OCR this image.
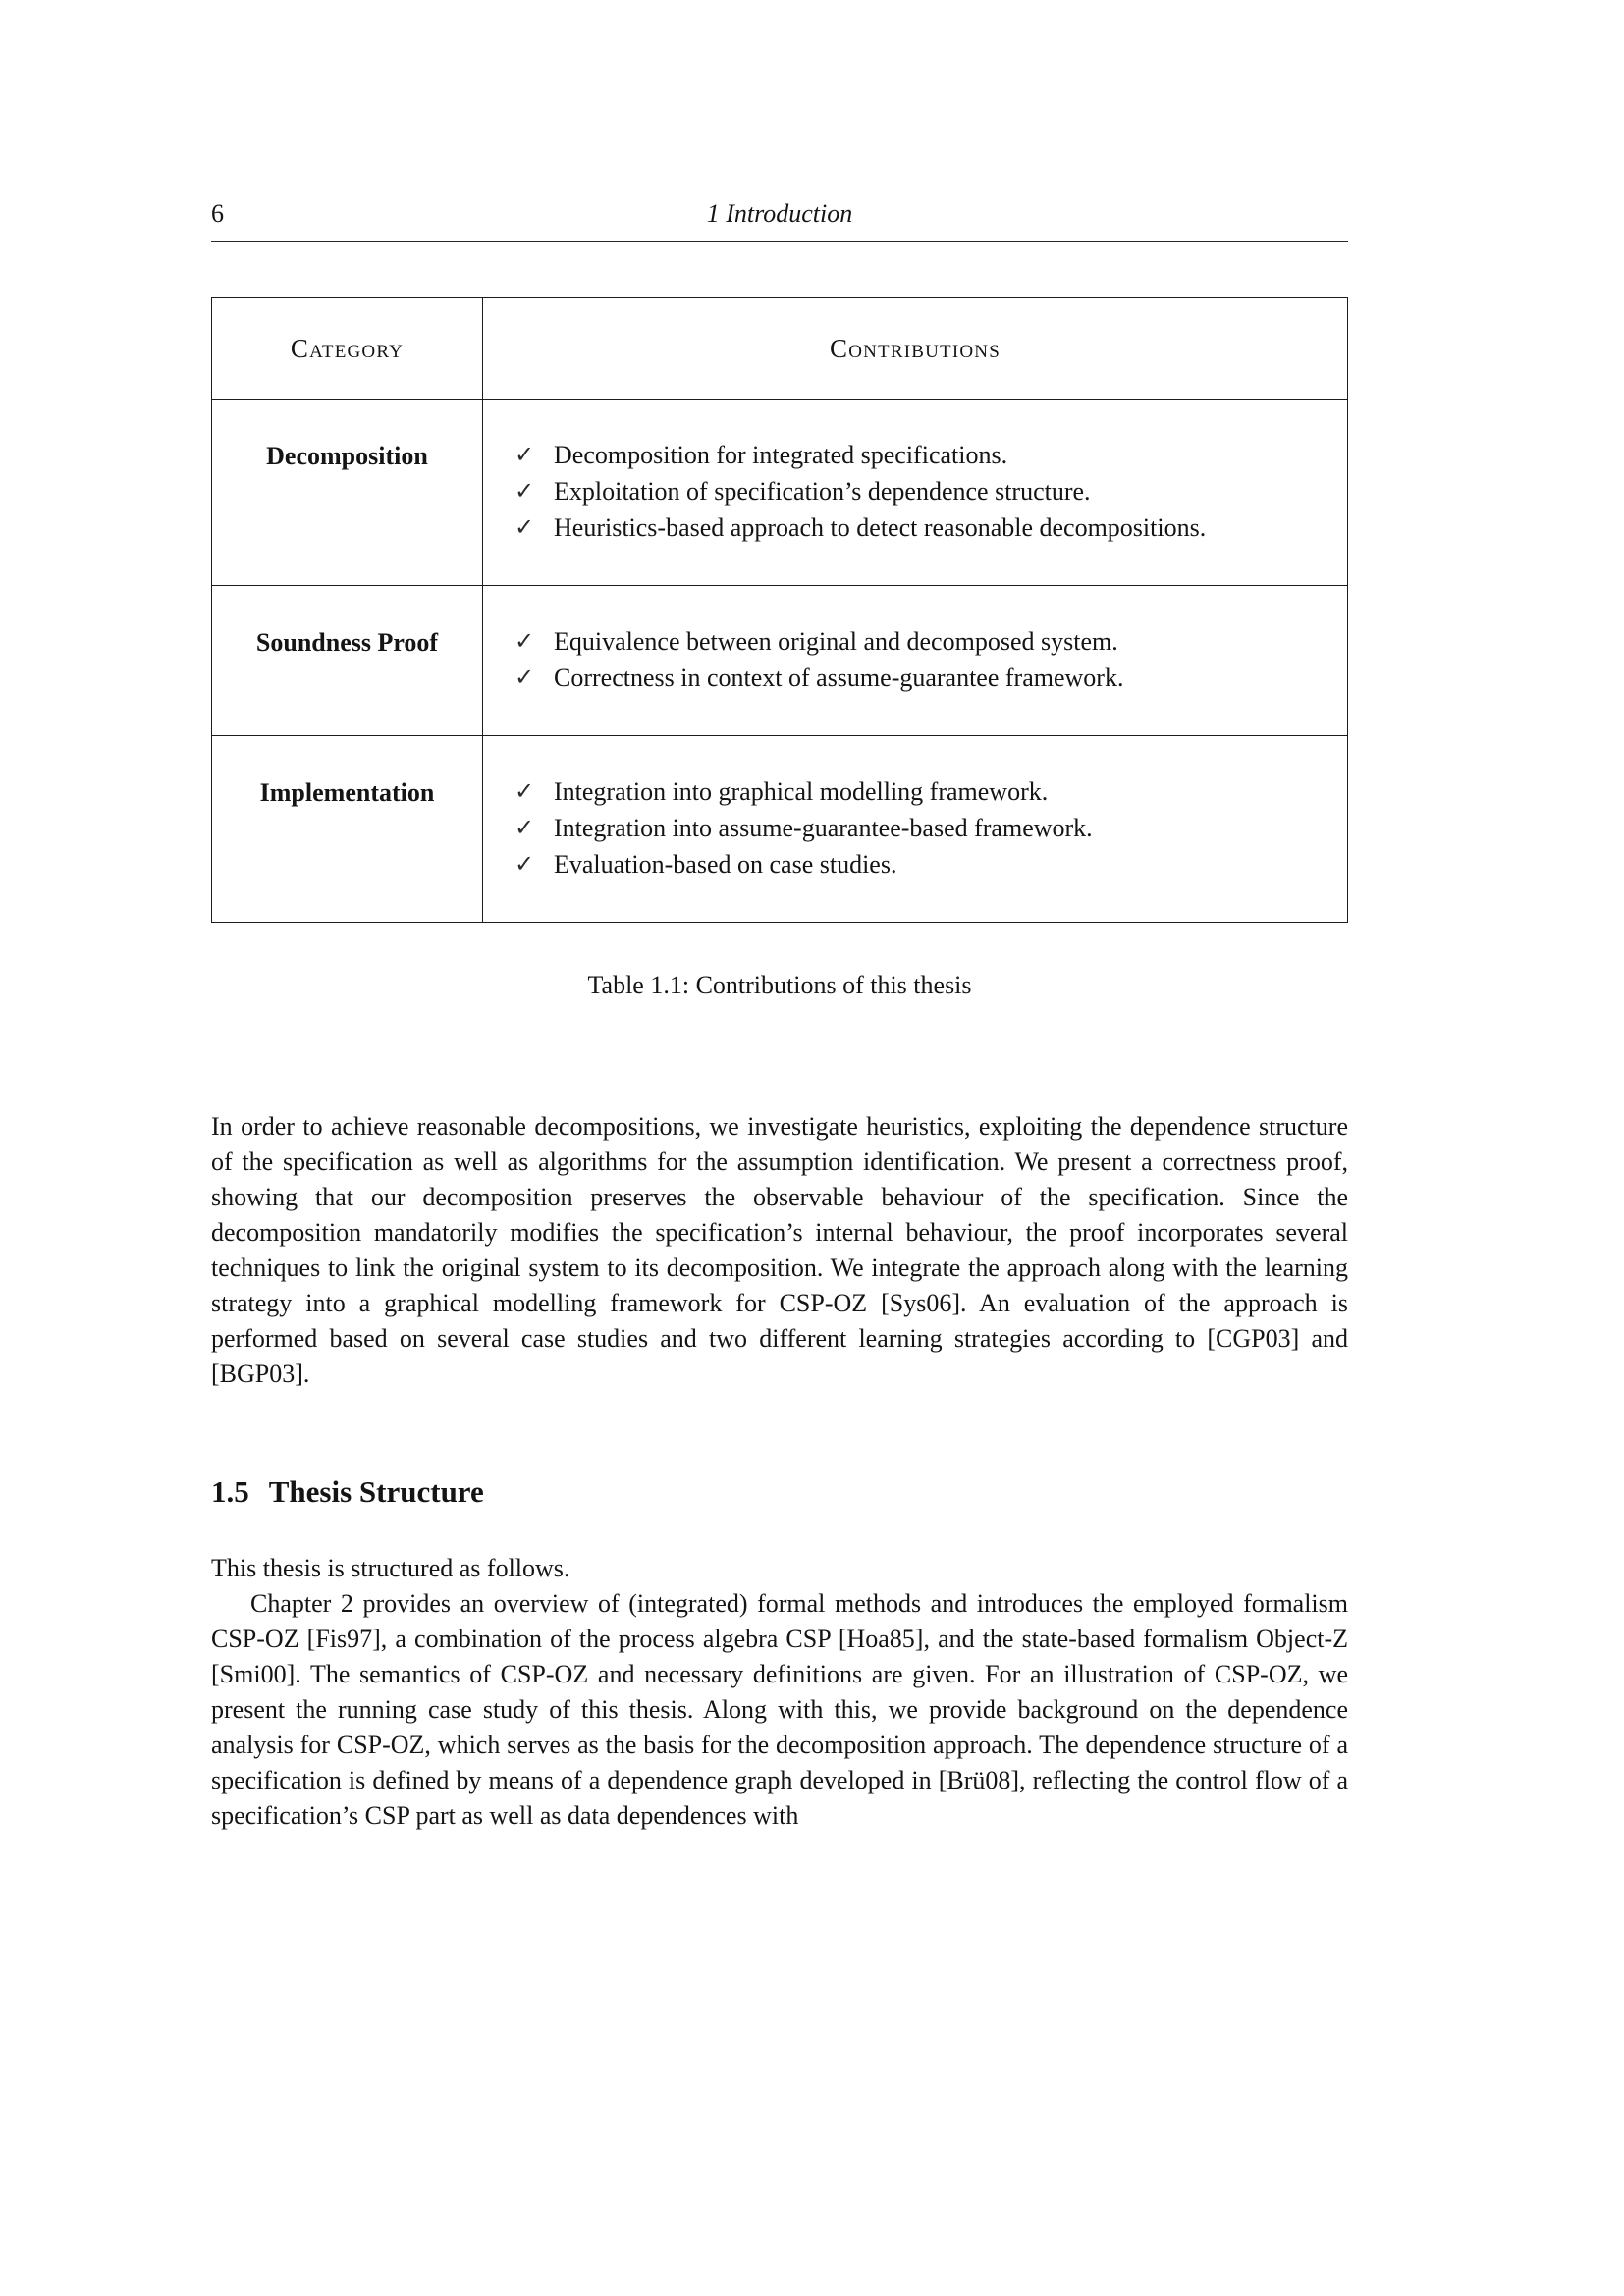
6	1 Introduction
Category	Contributions
Decomposition	✓ Decomposition for integrated specifications.
✓ Exploitation of specification’s dependence structure.
✓ Heuristics-based approach to detect reasonable decompositions.

Soundness Proof	✓ Equivalence between original and decomposed system.
✓ Correctness in context of assume-guarantee framework.

Implementation	✓ Integration into graphical modelling framework.
✓ Integration into assume-guarantee-based framework.
✓ Evaluation-based on case studies.
Table 1.1: Contributions of this thesis

In order to achieve reasonable decompositions, we investigate heuristics, exploiting the dependence structure of the specification as well as algorithms for the assumption identification. We present a correctness proof, showing that our decomposition preserves the observable behaviour of the specification. Since the decomposition mandatorily modifies the specification’s internal behaviour, the proof incorporates several techniques to link the original system to its decomposition. We integrate the approach along with the learning strategy into a graphical modelling framework for CSP-OZ [Sys06]. An evaluation of the approach is performed based on several case studies and two different learning strategies according to [CGP03] and [BGP03].

1.5 Thesis Structure

This thesis is structured as follows.

Chapter 2 provides an overview of (integrated) formal methods and introduces the employed formalism CSP-OZ [Fis97], a combination of the process algebra CSP [Hoa85], and the state-based formalism Object-Z [Smi00]. The semantics of CSP-OZ and necessary definitions are given. For an illustration of CSP-OZ, we present the running case study of this thesis. Along with this, we provide background on the dependence analysis for CSP-OZ, which serves as the basis for the decomposition approach. The dependence structure of a specification is defined by means of a dependence graph developed in [Brü08], reflecting the control flow of a specification’s CSP part as well as data dependences with
